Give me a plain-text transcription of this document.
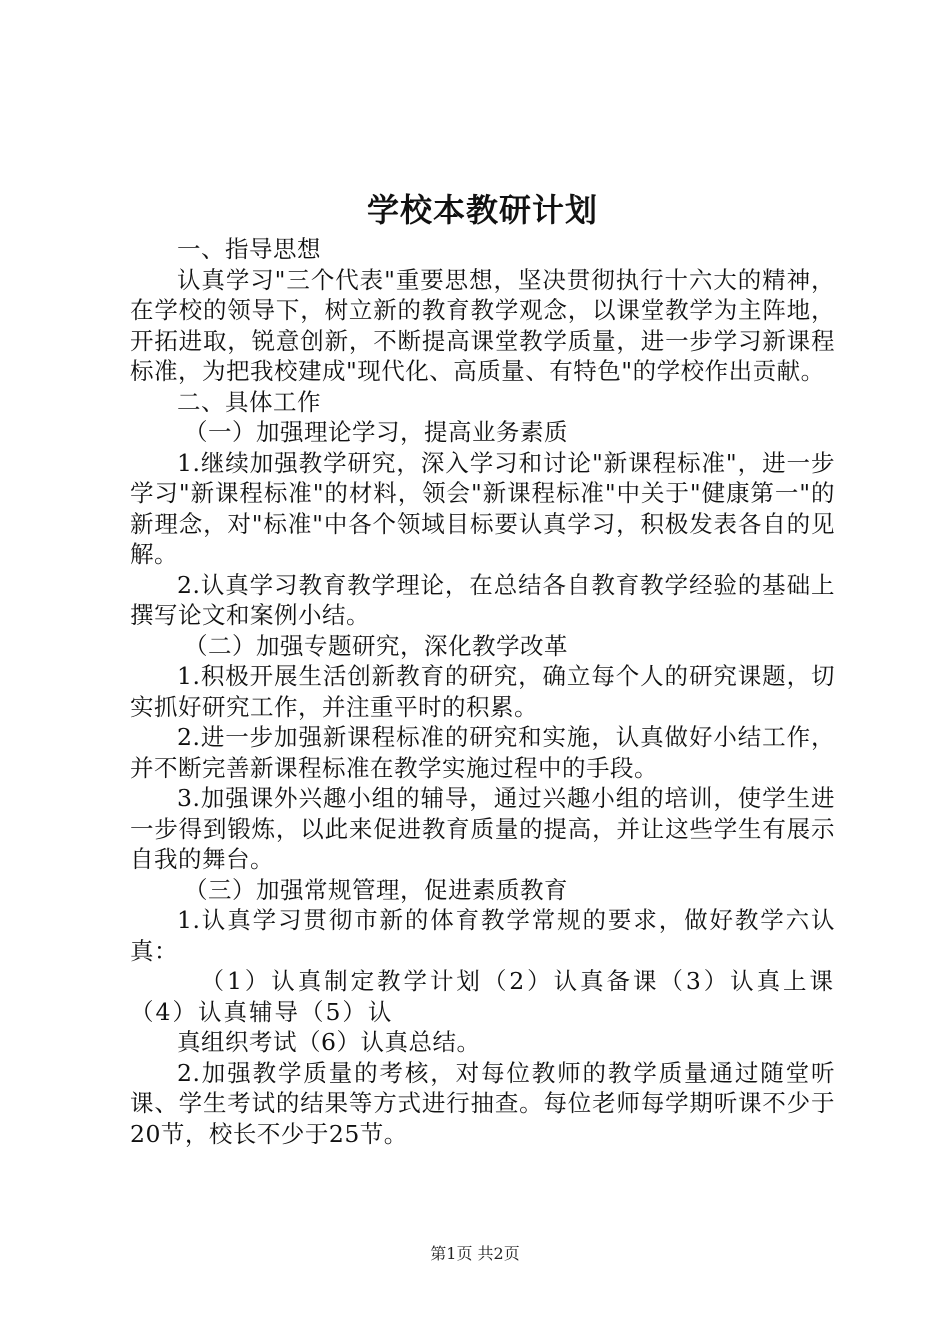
学校本教研计划

一、指导思想

认真学习"三个代表"重要思想，坚决贯彻执行十六大的精神，在学校的领导下，树立新的教育教学观念，以课堂教学为主阵地，开拓进取，锐意创新，不断提高课堂教学质量，进一步学习新课程标准，为把我校建成"现代化、高质量、有特色"的学校作出贡献。

二、具体工作

（一）加强理论学习，提高业务素质

1.继续加强教学研究，深入学习和讨论"新课程标准"，进一步学习"新课程标准"的材料，领会"新课程标准"中关于"健康第一"的新理念，对"标准"中各个领域目标要认真学习，积极发表各自的见解。

2.认真学习教育教学理论，在总结各自教育教学经验的基础上撰写论文和案例小结。

（二）加强专题研究，深化教学改革

1.积极开展生活创新教育的研究，确立每个人的研究课题，切实抓好研究工作，并注重平时的积累。

2.进一步加强新课程标准的研究和实施，认真做好小结工作，并不断完善新课程标准在教学实施过程中的手段。

3.加强课外兴趣小组的辅导，通过兴趣小组的培训，使学生进一步得到锻炼，以此来促进教育质量的提高，并让这些学生有展示自我的舞台。

（三）加强常规管理，促进素质教育

1.认真学习贯彻市新的体育教学常规的要求，做好教学六认真：

（1）认真制定教学计划（2）认真备课（3）认真上课（4）认真辅导（5）认

真组织考试（6）认真总结。

2.加强教学质量的考核，对每位教师的教学质量通过随堂听课、学生考试的结果等方式进行抽查。每位老师每学期听课不少于20节，校长不少于25节。

第1页 共2页
